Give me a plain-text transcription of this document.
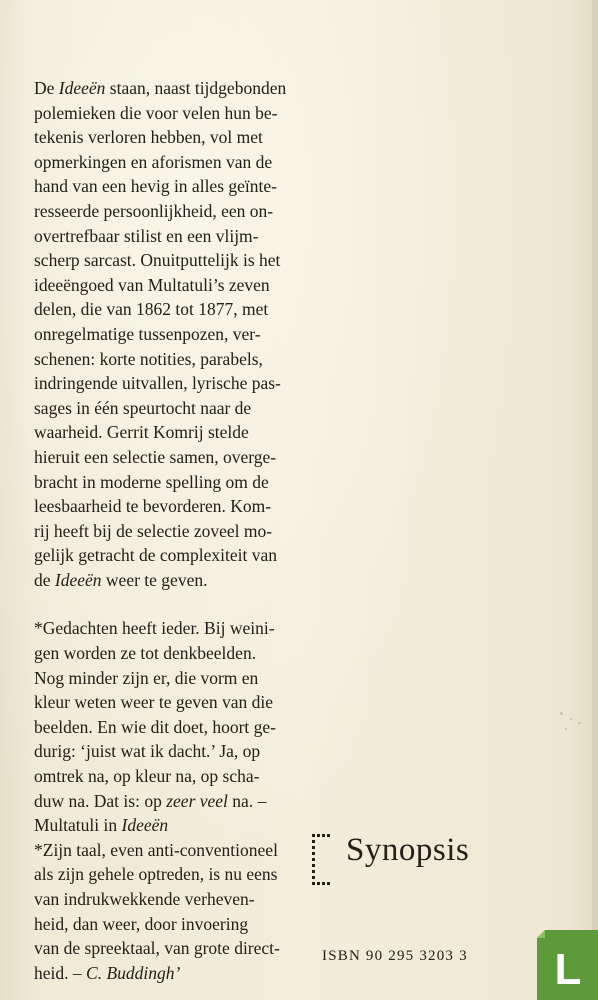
De Ideeën staan, naast tijdgebonden
polemieken die voor velen hun be-
tekenis verloren hebben, vol met
opmerkingen en aforismen van de
hand van een hevig in alles geïnte-
resseerde persoonlijkheid, een on-
overtrefbaar stilist en een vlijm-
scherp sarcast. Onuitputtelijk is het
ideeëngoed van Multatuli’s zeven
delen, die van 1862 tot 1877, met
onregelmatige tussenpozen, ver-
schenen: korte notities, parabels,
indringende uitvallen, lyrische pas-
sages in één speurtocht naar de
waarheid. Gerrit Komrij stelde
hieruit een selectie samen, overge-
bracht in moderne spelling om de
leesbaarheid te bevorderen. Kom-
rij heeft bij de selectie zoveel mo-
gelijk getracht de complexiteit van
de Ideeën weer te geven.
*Gedachten heeft ieder. Bij weini-
gen worden ze tot denkbeelden.
Nog minder zijn er, die vorm en
kleur weten weer te geven van die
beelden. En wie dit doet, hoort ge-
durig: ‘juist wat ik dacht.’ Ja, op
omtrek na, op kleur na, op scha-
duw na. Dat is: op zeer veel na. –
Multatuli in Ideeën
*Zijn taal, even anti-conventioneel
als zijn gehele optreden, is nu eens
van indrukwekkende verheven-
heid, dan weer, door invoering
van de spreektaal, van grote direct-
heid. – C. Buddingh’
Synopsis
ISBN 90 295 3203 3 L
